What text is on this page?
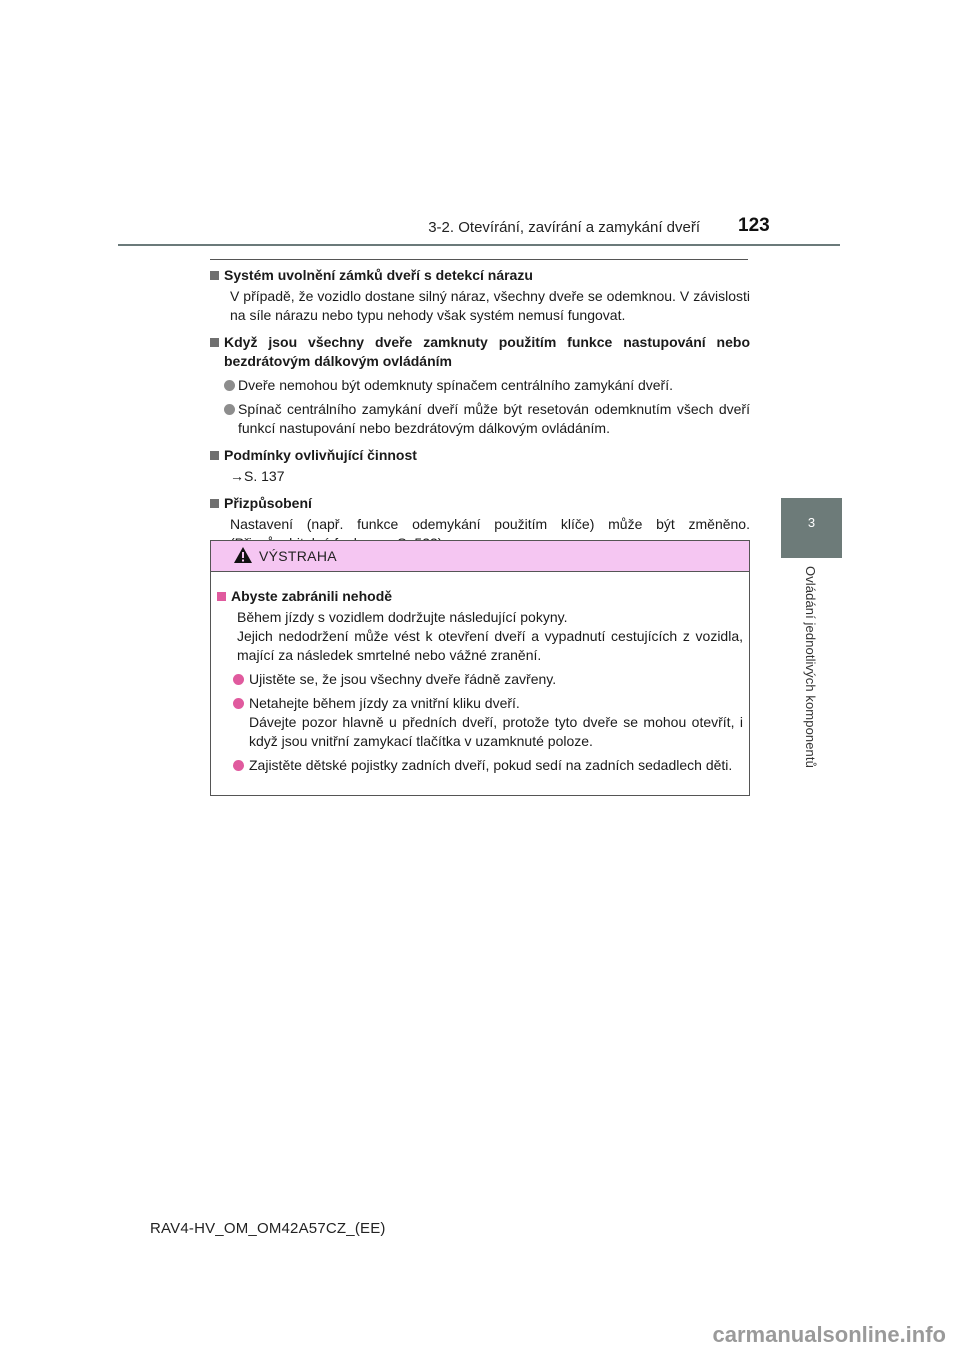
3-2. Otevírání, zavírání a zamykání dveří 123
3
Ovládání jednotlivých komponentů
Systém uvolnění zámků dveří s detekcí nárazu
V případě, že vozidlo dostane silný náraz, všechny dveře se odemknou. V závislosti na síle nárazu nebo typu nehody však systém nemusí fungovat.
Když jsou všechny dveře zamknuty použitím funkce nastupování nebo bezdrátovým dálkovým ovládáním
Dveře nemohou být odemknuty spínačem centrálního zamykání dveří.
Spínač centrálního zamykání dveří může být resetován odemknutím všech dveří funkcí nastupování nebo bezdrátovým dálkovým ovládáním.
Podmínky ovlivňující činnost
→S. 137
Přizpůsobení
Nastavení (např. funkce odemykání použitím klíče) může být změněno.
VÝSTRAHA
Abyste zabránili nehodě
Během jízdy s vozidlem dodržujte následující pokyny.
Jejich nedodržení může vést k otevření dveří a vypadnutí cestujících z vozidla, mající za následek smrtelné nebo vážné zranění.
Ujistěte se, že jsou všechny dveře řádně zavřeny.
Netahejte během jízdy za vnitřní kliku dveří.
Dávejte pozor hlavně u předních dveří, protože tyto dveře se mohou otevřít, i když jsou vnitřní zamykací tlačítka v uzamknuté poloze.
Zajistěte dětské pojistky zadních dveří, pokud sedí na zadních sedadlech děti.
RAV4-HV_OM_OM42A57CZ_(EE)
carmanualsonline.info
